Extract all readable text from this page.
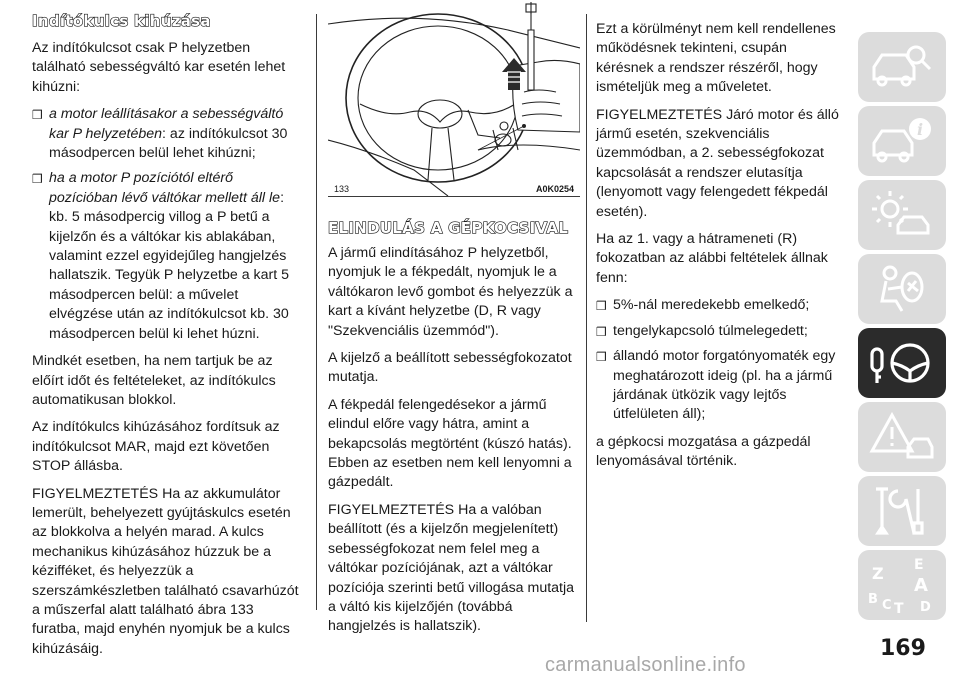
Indítókulcs kihúzása

Az indítókulcsot csak P helyzetben található sebességváltó kar esetén lehet kihúzni:

❒ a motor leállításakor a sebességváltó kar P helyzetében: az indítókulcsot 30 másodpercen belül lehet kihúzni;
❒ ha a motor P pozíciótól eltérő pozícióban lévő váltókar mellett áll le: kb. 5 másodpercig villog a P betű a kijelzőn és a váltókar kis ablakában, valamint ezzel egyidejűleg hangjelzés hallatszik. Tegyük P helyzetbe a kart 5 másodpercen belül: a művelet elvégzése után az indítókulcsot kb. 30 másodpercen belül ki lehet húzni.

Mindkét esetben, ha nem tartjuk be az előírt időt és feltételeket, az indítókulcs automatikusan blokkol.

Az indítókulcs kihúzásához fordítsuk az indítókulcsot MAR, majd ezt követően STOP állásba.

FIGYELMEZTETÉS Ha az akkumulátor lemerült, behelyezett gyújtáskulcs esetén az blokkolva a helyén marad. A kulcs mechanikus kihúzásához húzzuk be a kézifféket, és helyezzük a szerszámkészletben található csavarhúzót a műszerfal alatt található ábra 133 furatba, majd enyhén nyomjuk be a kulcs kihúzásáig.

133	A0K0254
ELINDULÁS A GÉPKOCSIVAL

A jármű elindításához P helyzetből, nyomjuk le a fékpedált, nyomjuk le a váltókaron levő gombot és helyezzük a kart a kívánt helyzetbe (D, R vagy "Szekvenciális üzemmód").

A kijelző a beállított sebességfokozatot mutatja.

A fékpedál felengedésekor a jármű elindul előre vagy hátra, amint a bekapcsolás megtörtént (kúszó hatás). Ebben az esetben nem kell lenyomni a gázpedált.

FIGYELMEZTETÉS Ha a valóban beállított (és a kijelzőn megjelenített) sebességfokozat nem felel meg a váltókar pozíciójának, azt a váltókar pozíciója szerinti betű villogása mutatja a váltó kis kijelzőjén (továbbá hangjelzés is hallatszik).

Ezt a körülményt nem kell rendellenes működésnek tekinteni, csupán kérésnek a rendszer részéről, hogy ismételjük meg a műveletet.

FIGYELMEZTETÉS Járó motor és álló jármű esetén, szekvenciális üzemmódban, a 2. sebességfokozat kapcsolását a rendszer elutasítja (lenyomott vagy felengedett fékpedál esetén).

Ha az 1. vagy a hátrameneti (R) fokozatban az alábbi feltételek állnak fenn:

❒ 5%-nál meredekebb emelkedő;
❒ tengelykapcsoló túlmelegedett;
❒ állandó motor forgatónyomaték egy meghatározott ideig (pl. ha a jármű járdának ütközik vagy lejtős útfelületen áll);

a gépkocsi mozgatása a gázpedál lenyomásával történik.

i
Z E
A
B C T D
169
carmanualsonline.info
